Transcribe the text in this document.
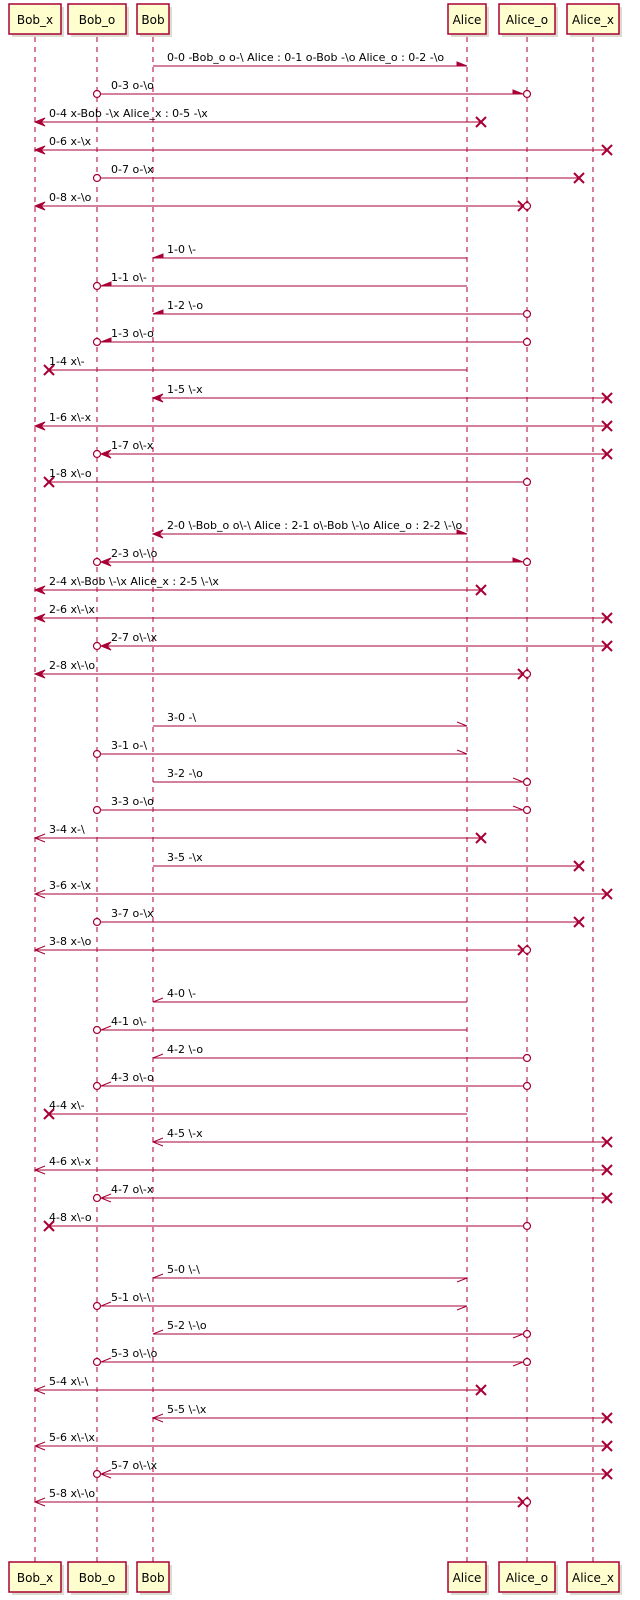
Bob_x
Bob_x
Bob_o
Bob_o
Bob
Bob
Alice
Alice
Alice_o
Alice_o
Alice_x
Alice_x
0-0 -Bob_o o-\ Alice : 0-1 o-Bob -\o Alice_o : 0-2 -\o
0-3 o-\o
0-4 x-Bob -\x Alice_x : 0-5 -\x
0-6 x-\x
0-7 o-\x
0-8 x-\o
1-0 \-
1-1 o\-
1-2 \-o
1-3 o\-o
1-4 x\-
1-5 \-x
1-6 x\-x
1-7 o\-x
1-8 x\-o
2-0 \-Bob_o o\-\ Alice : 2-1 o\-Bob \-\o Alice_o : 2-2 \-\o
2-3 o\-\o
2-4 x\-Bob \-\x Alice_x : 2-5 \-\x
2-6 x\-\x
2-7 o\-\x
2-8 x\-\o
3-0 -\
3-1 o-\
3-2 -\o
3-3 o-\o
3-4 x-\
3-5 -\x
3-6 x-\x
3-7 o-\x
3-8 x-\o
4-0 \-
4-1 o\-
4-2 \-o
4-3 o\-o
4-4 x\-
4-5 \-x
4-6 x\-x
4-7 o\-x
4-8 x\-o
5-0 \-\
5-1 o\-\
5-2 \-\o
5-3 o\-\o
5-4 x\-\
5-5 \-\x
5-6 x\-\x
5-7 o\-\x
5-8 x\-\o
